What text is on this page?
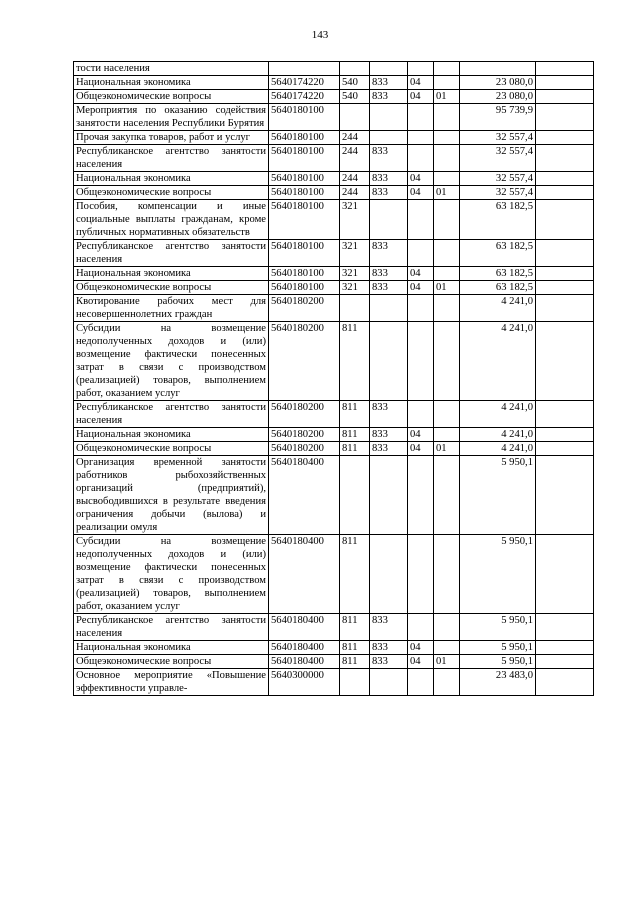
143
тости населения							
Национальная экономика	5640174220	540	833	04		23 080,0	
Общеэкономические вопросы	5640174220	540	833	04	01	23 080,0	
Мероприятия по оказанию содействия занятости населения Республики Бурятия	5640180100					95 739,9	
Прочая закупка товаров, работ и услуг	5640180100	244				32 557,4	
Республиканское агентство занятости населения	5640180100	244	833			32 557,4	
Национальная экономика	5640180100	244	833	04		32 557,4	
Общеэкономические вопросы	5640180100	244	833	04	01	32 557,4	
Пособия, компенсации и иные социальные выплаты гражданам, кроме публичных нормативных обязательств	5640180100	321				63 182,5	
Республиканское агентство занятости населения	5640180100	321	833			63 182,5	
Национальная экономика	5640180100	321	833	04		63 182,5	
Общеэкономические вопросы	5640180100	321	833	04	01	63 182,5	
Квотирование рабочих мест для несовершеннолетних граждан	5640180200					4 241,0	
Субсидии на возмещение недополученных доходов и (или) возмещение фактически понесенных затрат в связи с производством (реализацией) товаров, выполнением работ, оказанием услуг	5640180200	811				4 241,0	
Республиканское агентство занятости населения	5640180200	811	833			4 241,0	
Национальная экономика	5640180200	811	833	04		4 241,0	
Общеэкономические вопросы	5640180200	811	833	04	01	4 241,0	
Организация временной занятости работников рыбохозяйственных организаций (предприятий), высвободившихся в результате введения ограничения добычи (вылова) и реализации омуля	5640180400					5 950,1	
Субсидии на возмещение недополученных доходов и (или) возмещение фактически понесенных затрат в связи с производством (реализацией) товаров, выполнением работ, оказанием услуг	5640180400	811				5 950,1	
Республиканское агентство занятости населения	5640180400	811	833			5 950,1	
Национальная экономика	5640180400	811	833	04		5 950,1	
Общеэкономические вопросы	5640180400	811	833	04	01	5 950,1	
Основное мероприятие «Повышение эффективности управле-	5640300000					23 483,0	
